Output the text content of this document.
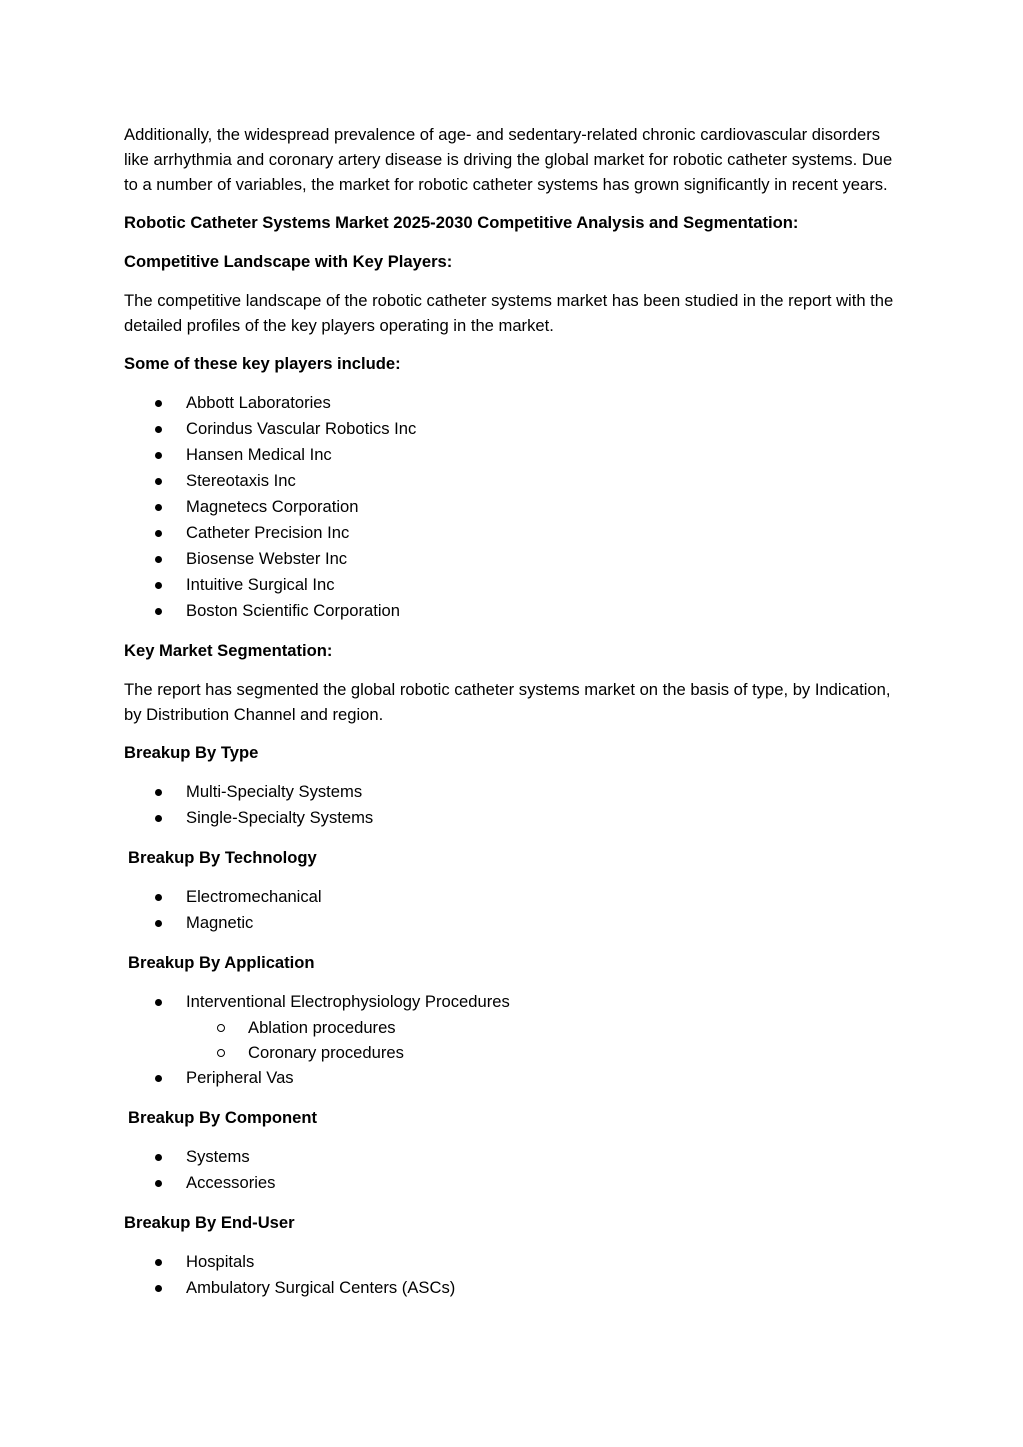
Additionally, the widespread prevalence of age- and sedentary-related chronic cardiovascular disorders like arrhythmia and coronary artery disease is driving the global market for robotic catheter systems. Due to a number of variables, the market for robotic catheter systems has grown significantly in recent years.

Robotic Catheter Systems Market 2025-2030 Competitive Analysis and Segmentation:

Competitive Landscape with Key Players:

The competitive landscape of the robotic catheter systems market has been studied in the report with the detailed profiles of the key players operating in the market.

Some of these key players include:

Abbott Laboratories
Corindus Vascular Robotics Inc
Hansen Medical Inc
Stereotaxis Inc
Magnetecs Corporation
Catheter Precision Inc
Biosense Webster Inc
Intuitive Surgical Inc
Boston Scientific Corporation

Key Market Segmentation:

The report has segmented the global robotic catheter systems market on the basis of type, by Indication, by Distribution Channel and region.

Breakup By Type

Multi-Specialty Systems
Single-Specialty Systems

Breakup By Technology

Electromechanical
Magnetic

Breakup By Application

Interventional Electrophysiology Procedures
Ablation procedures
Coronary procedures
Peripheral Vas

Breakup By Component

Systems
Accessories

Breakup By End-User

Hospitals
Ambulatory Surgical Centers (ASCs)
